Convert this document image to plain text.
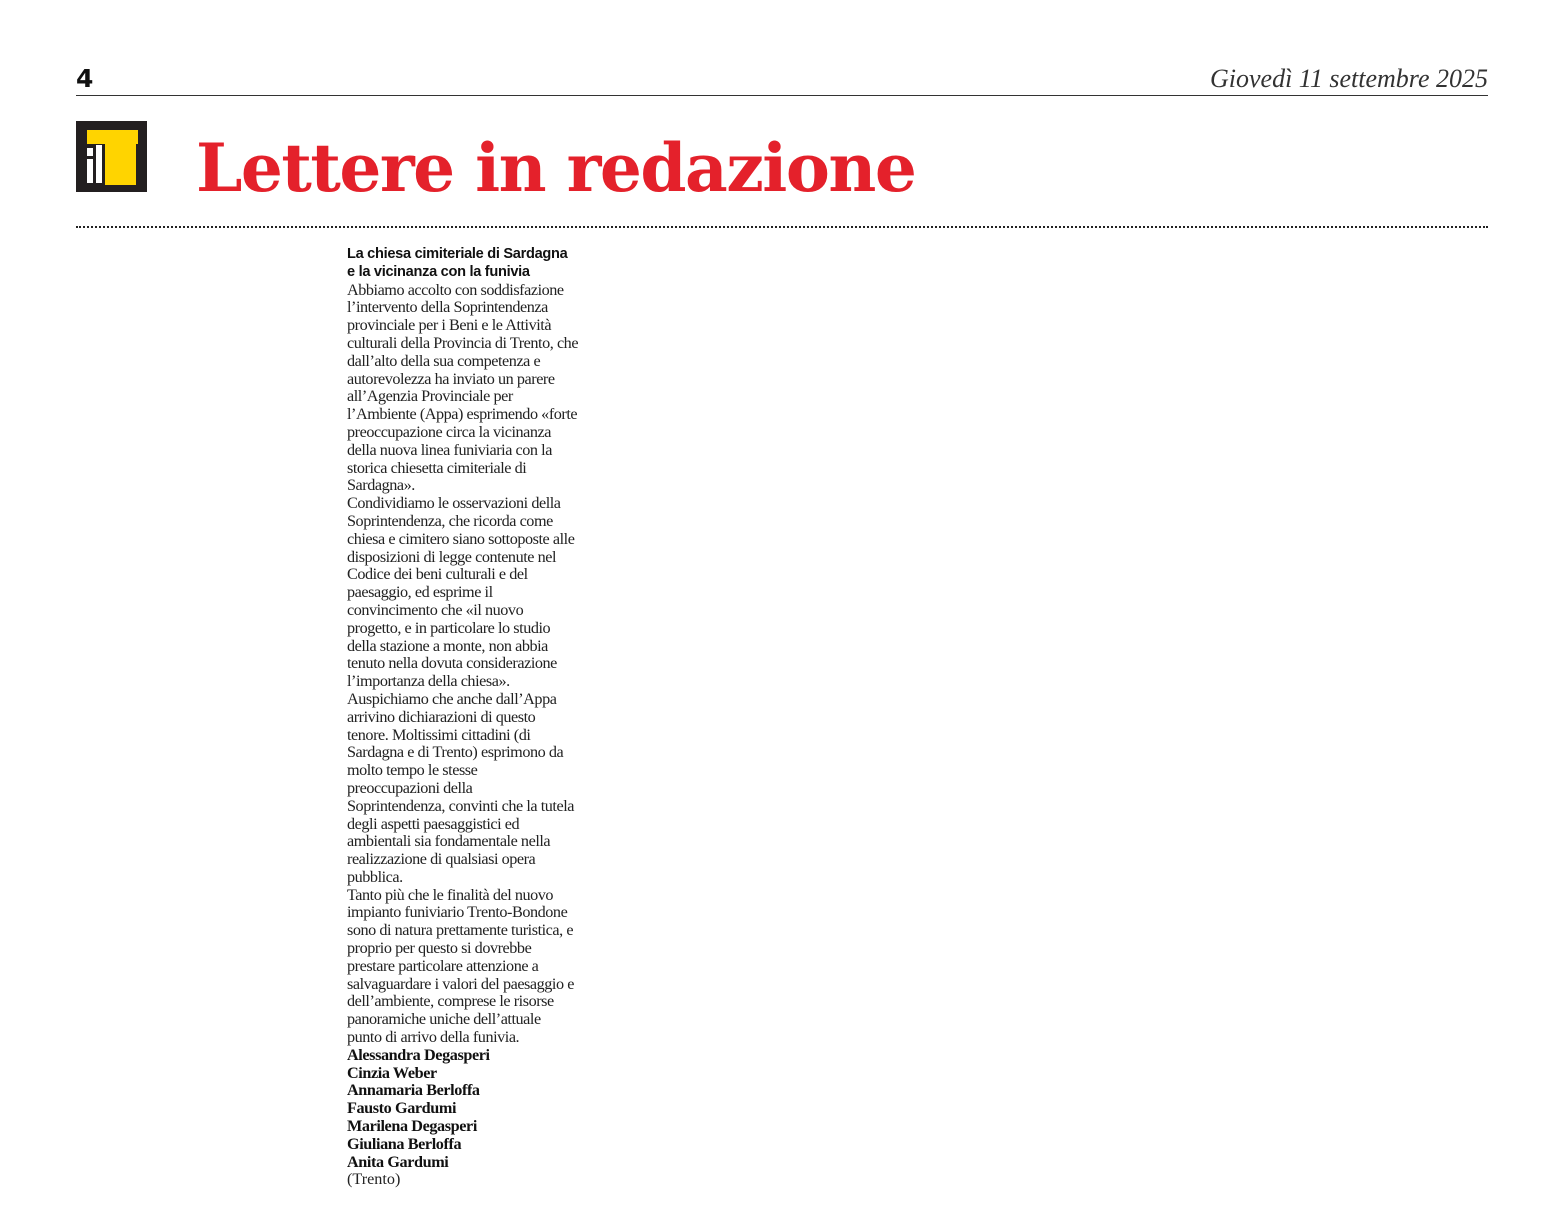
4	Giovedì 11 settembre 2025
Lettere in redazione
La chiesa cimiteriale di Sardagna
e la vicinanza con la funivia
Abbiamo accolto con soddisfazione
l’intervento della Soprintendenza
provinciale per i Beni e le Attività
culturali della Provincia di Trento, che
dall’alto della sua competenza e
autorevolezza ha inviato un parere
all’Agenzia Provinciale per
l’Ambiente (Appa) esprimendo «forte
preoccupazione circa la vicinanza
della nuova linea funiviaria con la
storica chiesetta cimiteriale di
Sardagna».
Condividiamo le osservazioni della
Soprintendenza, che ricorda come
chiesa e cimitero siano sottoposte alle
disposizioni di legge contenute nel
Codice dei beni culturali e del
paesaggio, ed esprime il
convincimento che «il nuovo
progetto, e in particolare lo studio
della stazione a monte, non abbia
tenuto nella dovuta considerazione
l’importanza della chiesa».
Auspichiamo che anche dall’Appa
arrivino dichiarazioni di questo
tenore. Moltissimi cittadini (di
Sardagna e di Trento) esprimono da
molto tempo le stesse
preoccupazioni della
Soprintendenza, convinti che la tutela
degli aspetti paesaggistici ed
ambientali sia fondamentale nella
realizzazione di qualsiasi opera
pubblica.
Tanto più che le finalità del nuovo
impianto funiviario Trento-Bondone
sono di natura prettamente turistica, e
proprio per questo si dovrebbe
prestare particolare attenzione a
salvaguardare i valori del paesaggio e
dell’ambiente, comprese le risorse
panoramiche uniche dell’attuale
punto di arrivo della funivia.
Alessandra Degasperi
Cinzia Weber
Annamaria Berloffa
Fausto Gardumi
Marilena Degasperi
Giuliana Berloffa
Anita Gardumi
(Trento)
